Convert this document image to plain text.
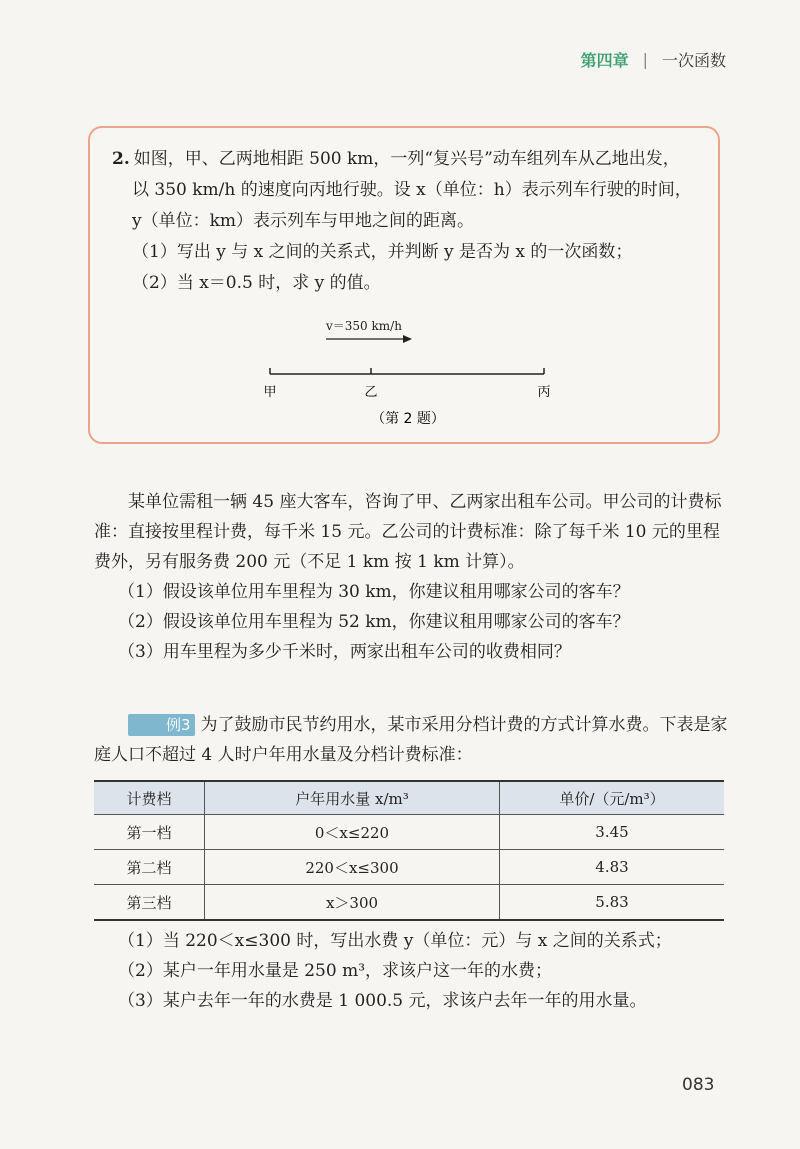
第四章 | 一次函数
2. 如图，甲、乙两地相距 500 km，一列“复兴号”动车组列车从乙地出发，
以 350 km/h 的速度向丙地行驶。设 x（单位：h）表示列车行驶的时间，
y（单位：km）表示列车与甲地之间的距离。
（1）写出 y 与 x 之间的关系式，并判断 y 是否为 x 的一次函数；
（2）当 x＝0.5 时，求 y 的值。
v＝350 km/h
甲	乙	丙
（第 2 题）
某单位需租一辆 45 座大客车，咨询了甲、乙两家出租车公司。甲公司的计费标准：直接按里程计费，每千米 15 元。乙公司的计费标准：除了每千米 10 元的里程费外，另有服务费 200 元（不足 1 km 按 1 km 计算）。
（1）假设该单位用车里程为 30 km，你建议租用哪家公司的客车？
（2）假设该单位用车里程为 52 km，你建议租用哪家公司的客车？
（3）用车里程为多少千米时，两家出租车公司的收费相同？
例3 为了鼓励市民节约用水，某市采用分档计费的方式计算水费。下表是家庭人口不超过 4 人时户年用水量及分档计费标准：
计费档	户年用水量 x/m³	单价/（元/m³）
第一档	0＜x≤220	3.45
第二档	220＜x≤300	4.83
第三档	x＞300	5.83
（1）当 220＜x≤300 时，写出水费 y（单位：元）与 x 之间的关系式；
（2）某户一年用水量是 250 m³，求该户这一年的水费；
（3）某户去年一年的水费是 1 000.5 元，求该户去年一年的用水量。
083
